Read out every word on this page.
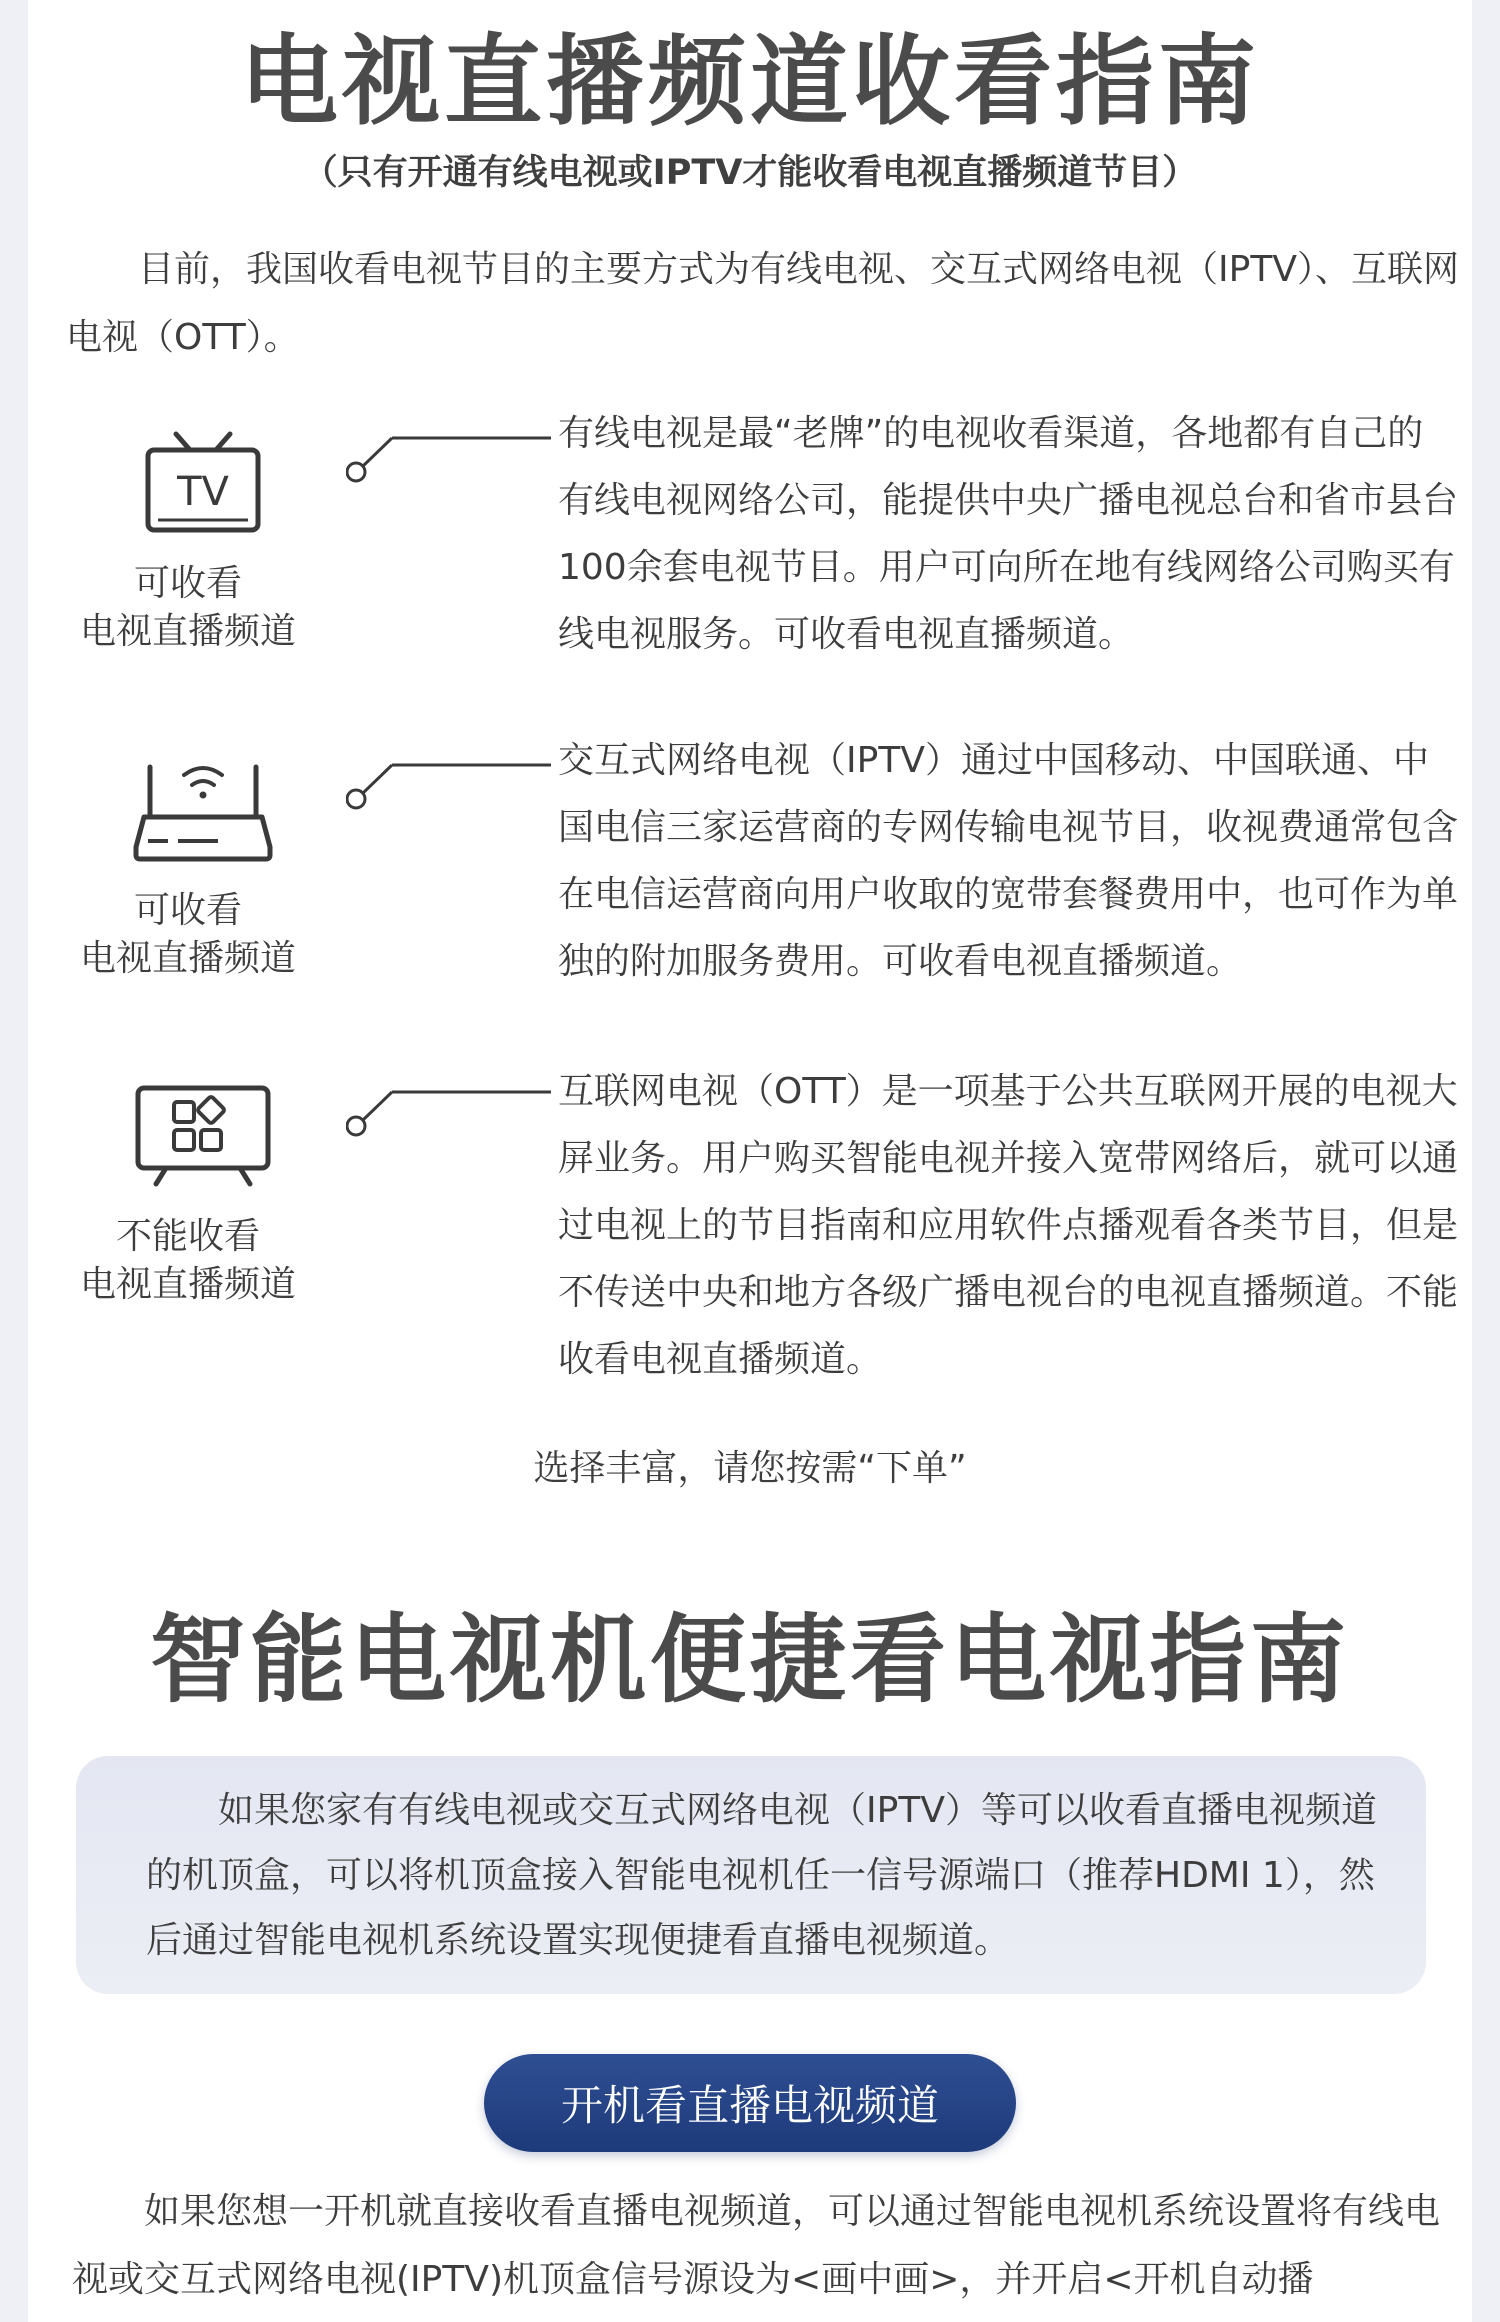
电视直播频道收看指南
（只有开通有线电视或IPTV才能收看电视直播频道节目）

目前，我国收看电视节目的主要方式为有线电视、交互式网络电视（IPTV）、互联网电视（OTT）。

TV
可收看
电视直播频道

有线电视是最“老牌”的电视收看渠道，各地都有自己的有线电视网络公司，能提供中央广播电视总台和省市县台100余套电视节目。用户可向所在地有线网络公司购买有线电视服务。可收看电视直播频道。

可收看
电视直播频道

交互式网络电视（IPTV）通过中国移动、中国联通、中国电信三家运营商的专网传输电视节目，收视费通常包含在电信运营商向用户收取的宽带套餐费用中，也可作为单独的附加服务费用。可收看电视直播频道。

不能收看
电视直播频道

互联网电视（OTT）是一项基于公共互联网开展的电视大屏业务。用户购买智能电视并接入宽带网络后，就可以通过电视上的节目指南和应用软件点播观看各类节目，但是不传送中央和地方各级广播电视台的电视直播频道。不能收看电视直播频道。

选择丰富，请您按需“下单”
智能电视机便捷看电视指南

如果您家有有线电视或交互式网络电视（IPTV）等可以收看直播电视频道的机顶盒，可以将机顶盒接入智能电视机任一信号源端口（推荐HDMI 1），然后通过智能电视机系统设置实现便捷看直播电视频道。

开机看直播电视频道

如果您想一开机就直接收看直播电视频道，可以通过智能电视机系统设置将有线电视或交互式网络电视(IPTV)机顶盒信号源设为<画中画>，并开启<开机自动播
